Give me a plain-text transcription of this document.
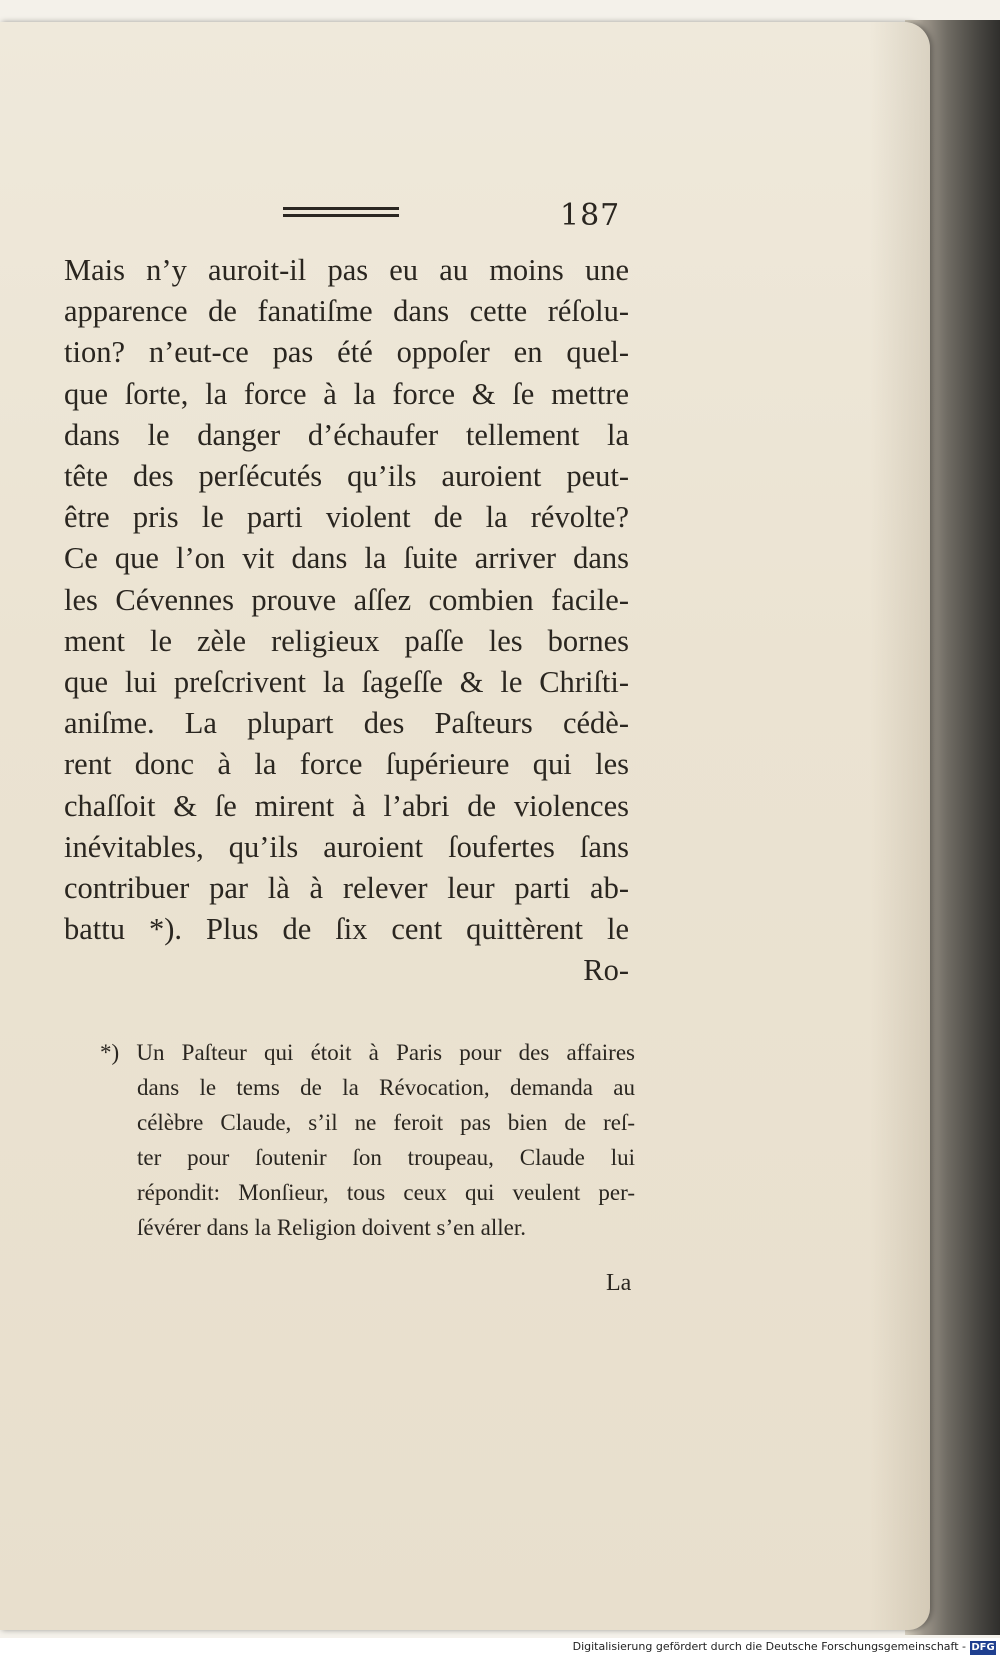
187
Mais n’y auroit-il pas eu au moins une
apparence de fanatiſme dans cette réſolu-
tion? n’eut-ce pas été oppoſer en quel-
que ſorte, la force à la force & ſe mettre
dans le danger d’échaufer tellement la
tête des perſécutés qu’ils auroient peut-
être pris le parti violent de la révolte?
Ce que l’on vit dans la ſuite arriver dans
les Cévennes prouve aſſez combien facile-
ment le zèle religieux paſſe les bornes
que lui preſcrivent la ſageſſe & le Chriſti-
aniſme. La plupart des Paſteurs cédè-
rent donc à la force ſupérieure qui les
chaſſoit & ſe mirent à l’abri de violences
inévitables, qu’ils auroient ſoufertes ſans
contribuer par là à relever leur parti ab-
battu *). Plus de ſix cent quittèrent le
Ro-
*) Un Paſteur qui étoit à Paris pour des affaires
dans le tems de la Révocation, demanda au
célèbre Claude, s’il ne feroit pas bien de reſ-
ter pour ſoutenir ſon troupeau, Claude lui
répondit: Monſieur, tous ceux qui veulent per-
ſévérer dans la Religion doivent s’en aller.
La
Digitalisierung gefördert durch die Deutsche Forschungsgemeinschaft - DFG
